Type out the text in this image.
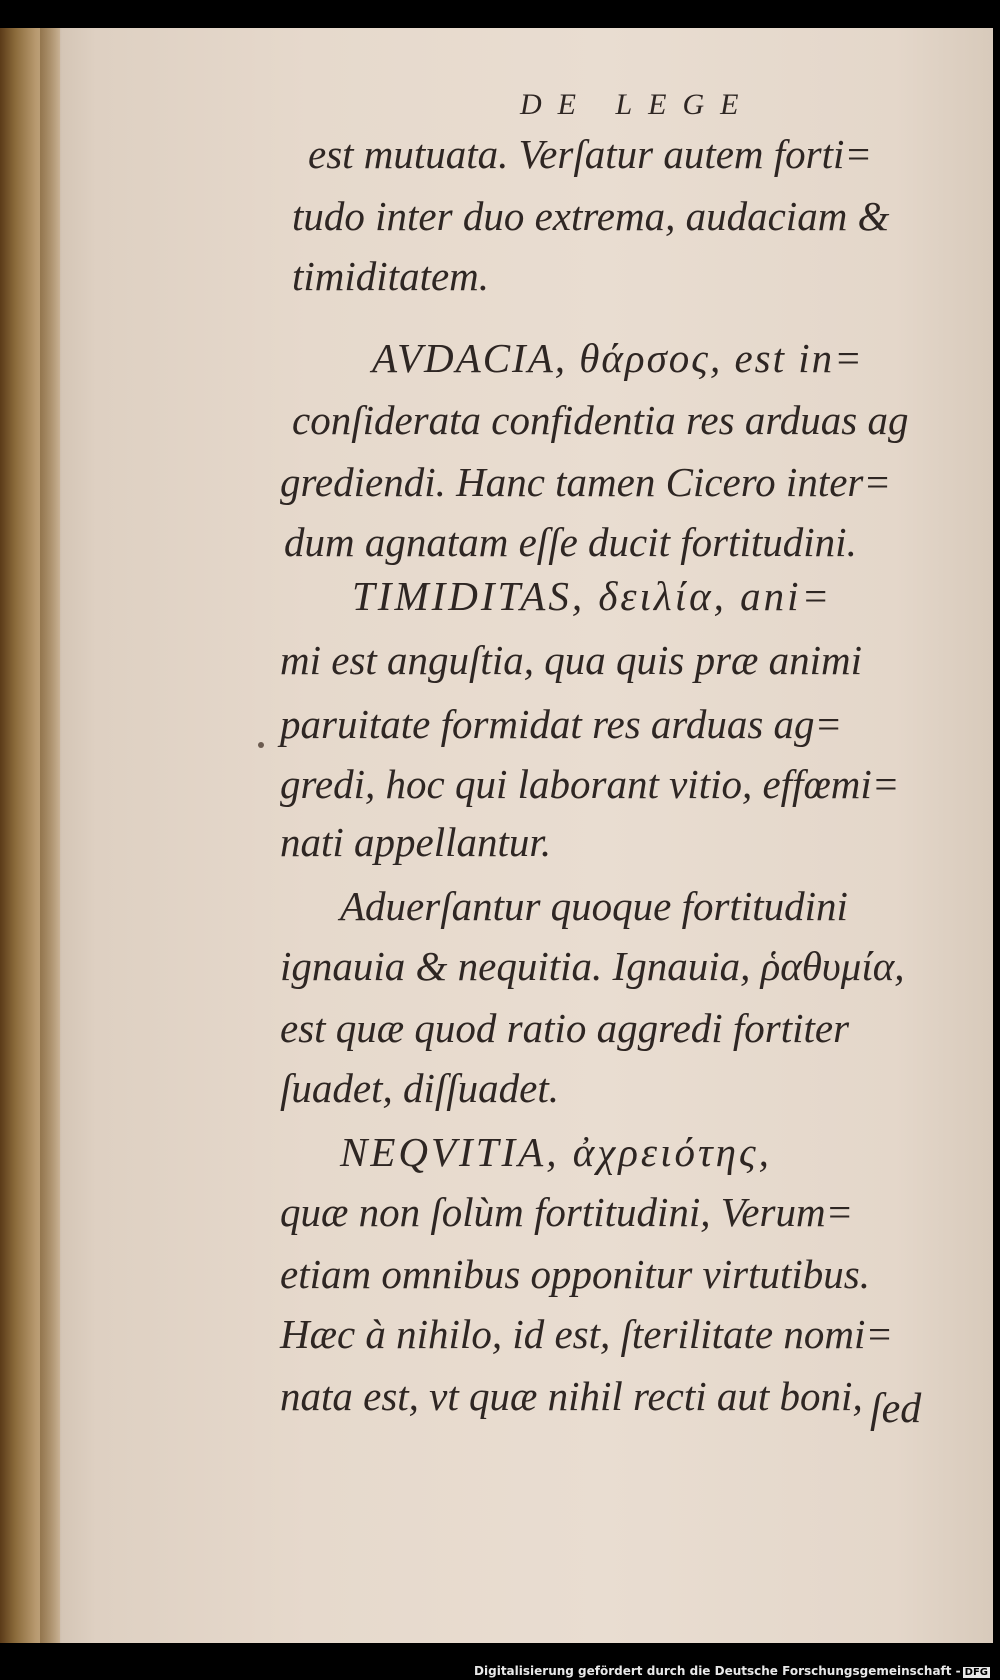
DE LEGE
est mutuata. Verſatur autem forti=
tudo inter duo extrema, audaciam &
timiditatem.
AVDACIA, θάρσος, est in=
conſiderata confidentia res arduas ag
grediendi. Hanc tamen Cicero inter=
dum agnatam eſſe ducit fortitudini.
TIMIDITAS, δειλία, ani=
mi est anguſtia, qua quis præ animi
paruitate formidat res arduas ag=
gredi, hoc qui laborant vitio, effœmi=
nati appellantur.
Aduerſantur quoque fortitudini
ignauia & nequitia. Ignauia, ῥαθυμία,
est quæ quod ratio aggredi fortiter
ſuadet, diſſuadet.
NEQVITIA, ἀχρειότης,
quæ non ſolùm fortitudini, Verum=
etiam omnibus opponitur virtutibus.
Hæc à nihilo, id est, ſterilitate nomi=
nata est, vt quæ nihil recti aut boni, ſed
Digitalisierung gefördert durch die Deutsche Forschungsgemeinschaft - DFG
